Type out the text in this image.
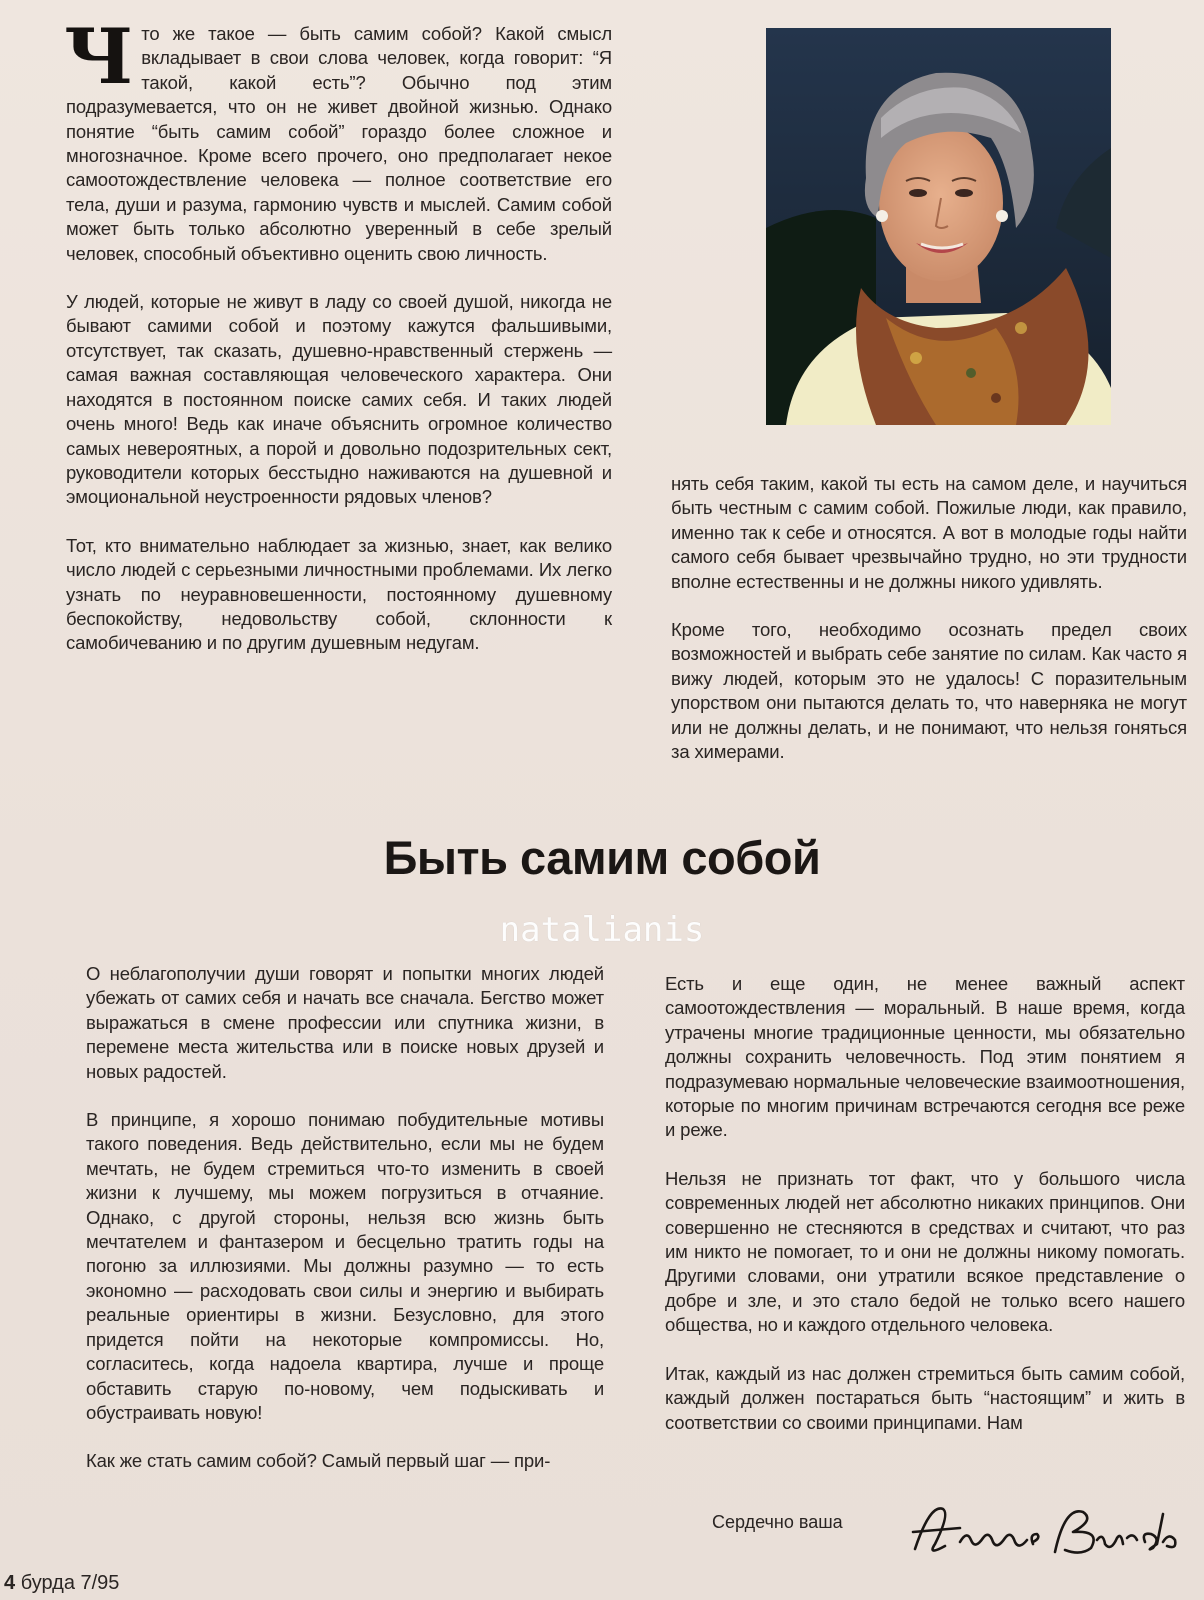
Что же такое — быть самим собой? Какой смысл вкладывает в свои слова человек, когда говорит: “Я такой, какой есть”? Обычно под этим подразумевается, что он не живет двойной жизнью. Однако понятие “быть самим собой” гораздо более сложное и многозначное. Кроме всего прочего, оно предполагает некое самоотождествление человека — полное соответствие его тела, души и разума, гармонию чувств и мыслей. Самим собой может быть только абсолютно уверенный в себе зрелый человек, способный объективно оценить свою личность.

У людей, которые не живут в ладу со своей душой, никогда не бывают самими собой и поэтому кажутся фальшивыми, отсутствует, так сказать, душевно-нравственный стержень — самая важная составляющая человеческого характера. Они находятся в постоянном поиске самих себя. И таких людей очень много! Ведь как иначе объяснить огромное количество самых невероятных, а порой и довольно подозрительных сект, руководители которых бесстыдно наживаются на душевной и эмоциональной неустроенности рядовых членов?

Тот, кто внимательно наблюдает за жизнью, знает, как велико число людей с серьезными личностными проблемами. Их легко узнать по неуравновешенности, постоянному душевному беспокойству, недовольству собой, склонности к самобичеванию и по другим душевным недугам.

нять себя таким, какой ты есть на самом деле, и научиться быть честным с самим собой. Пожилые люди, как правило, именно так к себе и относятся. А вот в молодые годы найти самого себя бывает чрезвычайно трудно, но эти трудности вполне естественны и не должны никого удивлять.

Кроме того, необходимо осознать предел своих возможностей и выбрать себе занятие по силам. Как часто я вижу людей, которым это не удалось! С поразительным упорством они пытаются делать то, что наверняка не могут или не должны делать, и не понимают, что нельзя гоняться за химерами.

Быть самим собой
natalianis

О неблагополучии души говорят и попытки многих людей убежать от самих себя и начать все сначала. Бегство может выражаться в смене профессии или спутника жизни, в перемене места жительства или в поиске новых друзей и новых радостей.

В принципе, я хорошо понимаю побудительные мотивы такого поведения. Ведь действительно, если мы не будем мечтать, не будем стремиться что-то изменить в своей жизни к лучшему, мы можем погрузиться в отчаяние. Однако, с другой стороны, нельзя всю жизнь быть мечтателем и фантазером и бесцельно тратить годы на погоню за иллюзиями. Мы должны разумно — то есть экономно — расходовать свои силы и энергию и выбирать реальные ориентиры в жизни. Безусловно, для этого придется пойти на некоторые компромиссы. Но, согласитесь, когда надоела квартира, лучше и проще обставить старую по-новому, чем подыскивать и обустраивать новую!

Как же стать самим собой? Самый первый шаг — при-

Есть и еще один, не менее важный аспект самоотождествления — моральный. В наше время, когда утрачены многие традиционные ценности, мы обязательно должны сохранить человечность. Под этим понятием я подразумеваю нормальные человеческие взаимоотношения, которые по многим причинам встречаются сегодня все реже и реже.

Нельзя не признать тот факт, что у большого числа современных людей нет абсолютно никаких принципов. Они совершенно не стесняются в средствах и считают, что раз им никто не помогает, то и они не должны никому помогать. Другими словами, они утратили всякое представление о добре и зле, и это стало бедой не только всего нашего общества, но и каждого отдельного человека.

Итак, каждый из нас должен стремиться быть самим собой, каждый должен постараться быть “настоящим” и жить в соответствии со своими принципами. Нам

Сердечно ваша
4 бурда 7/95
